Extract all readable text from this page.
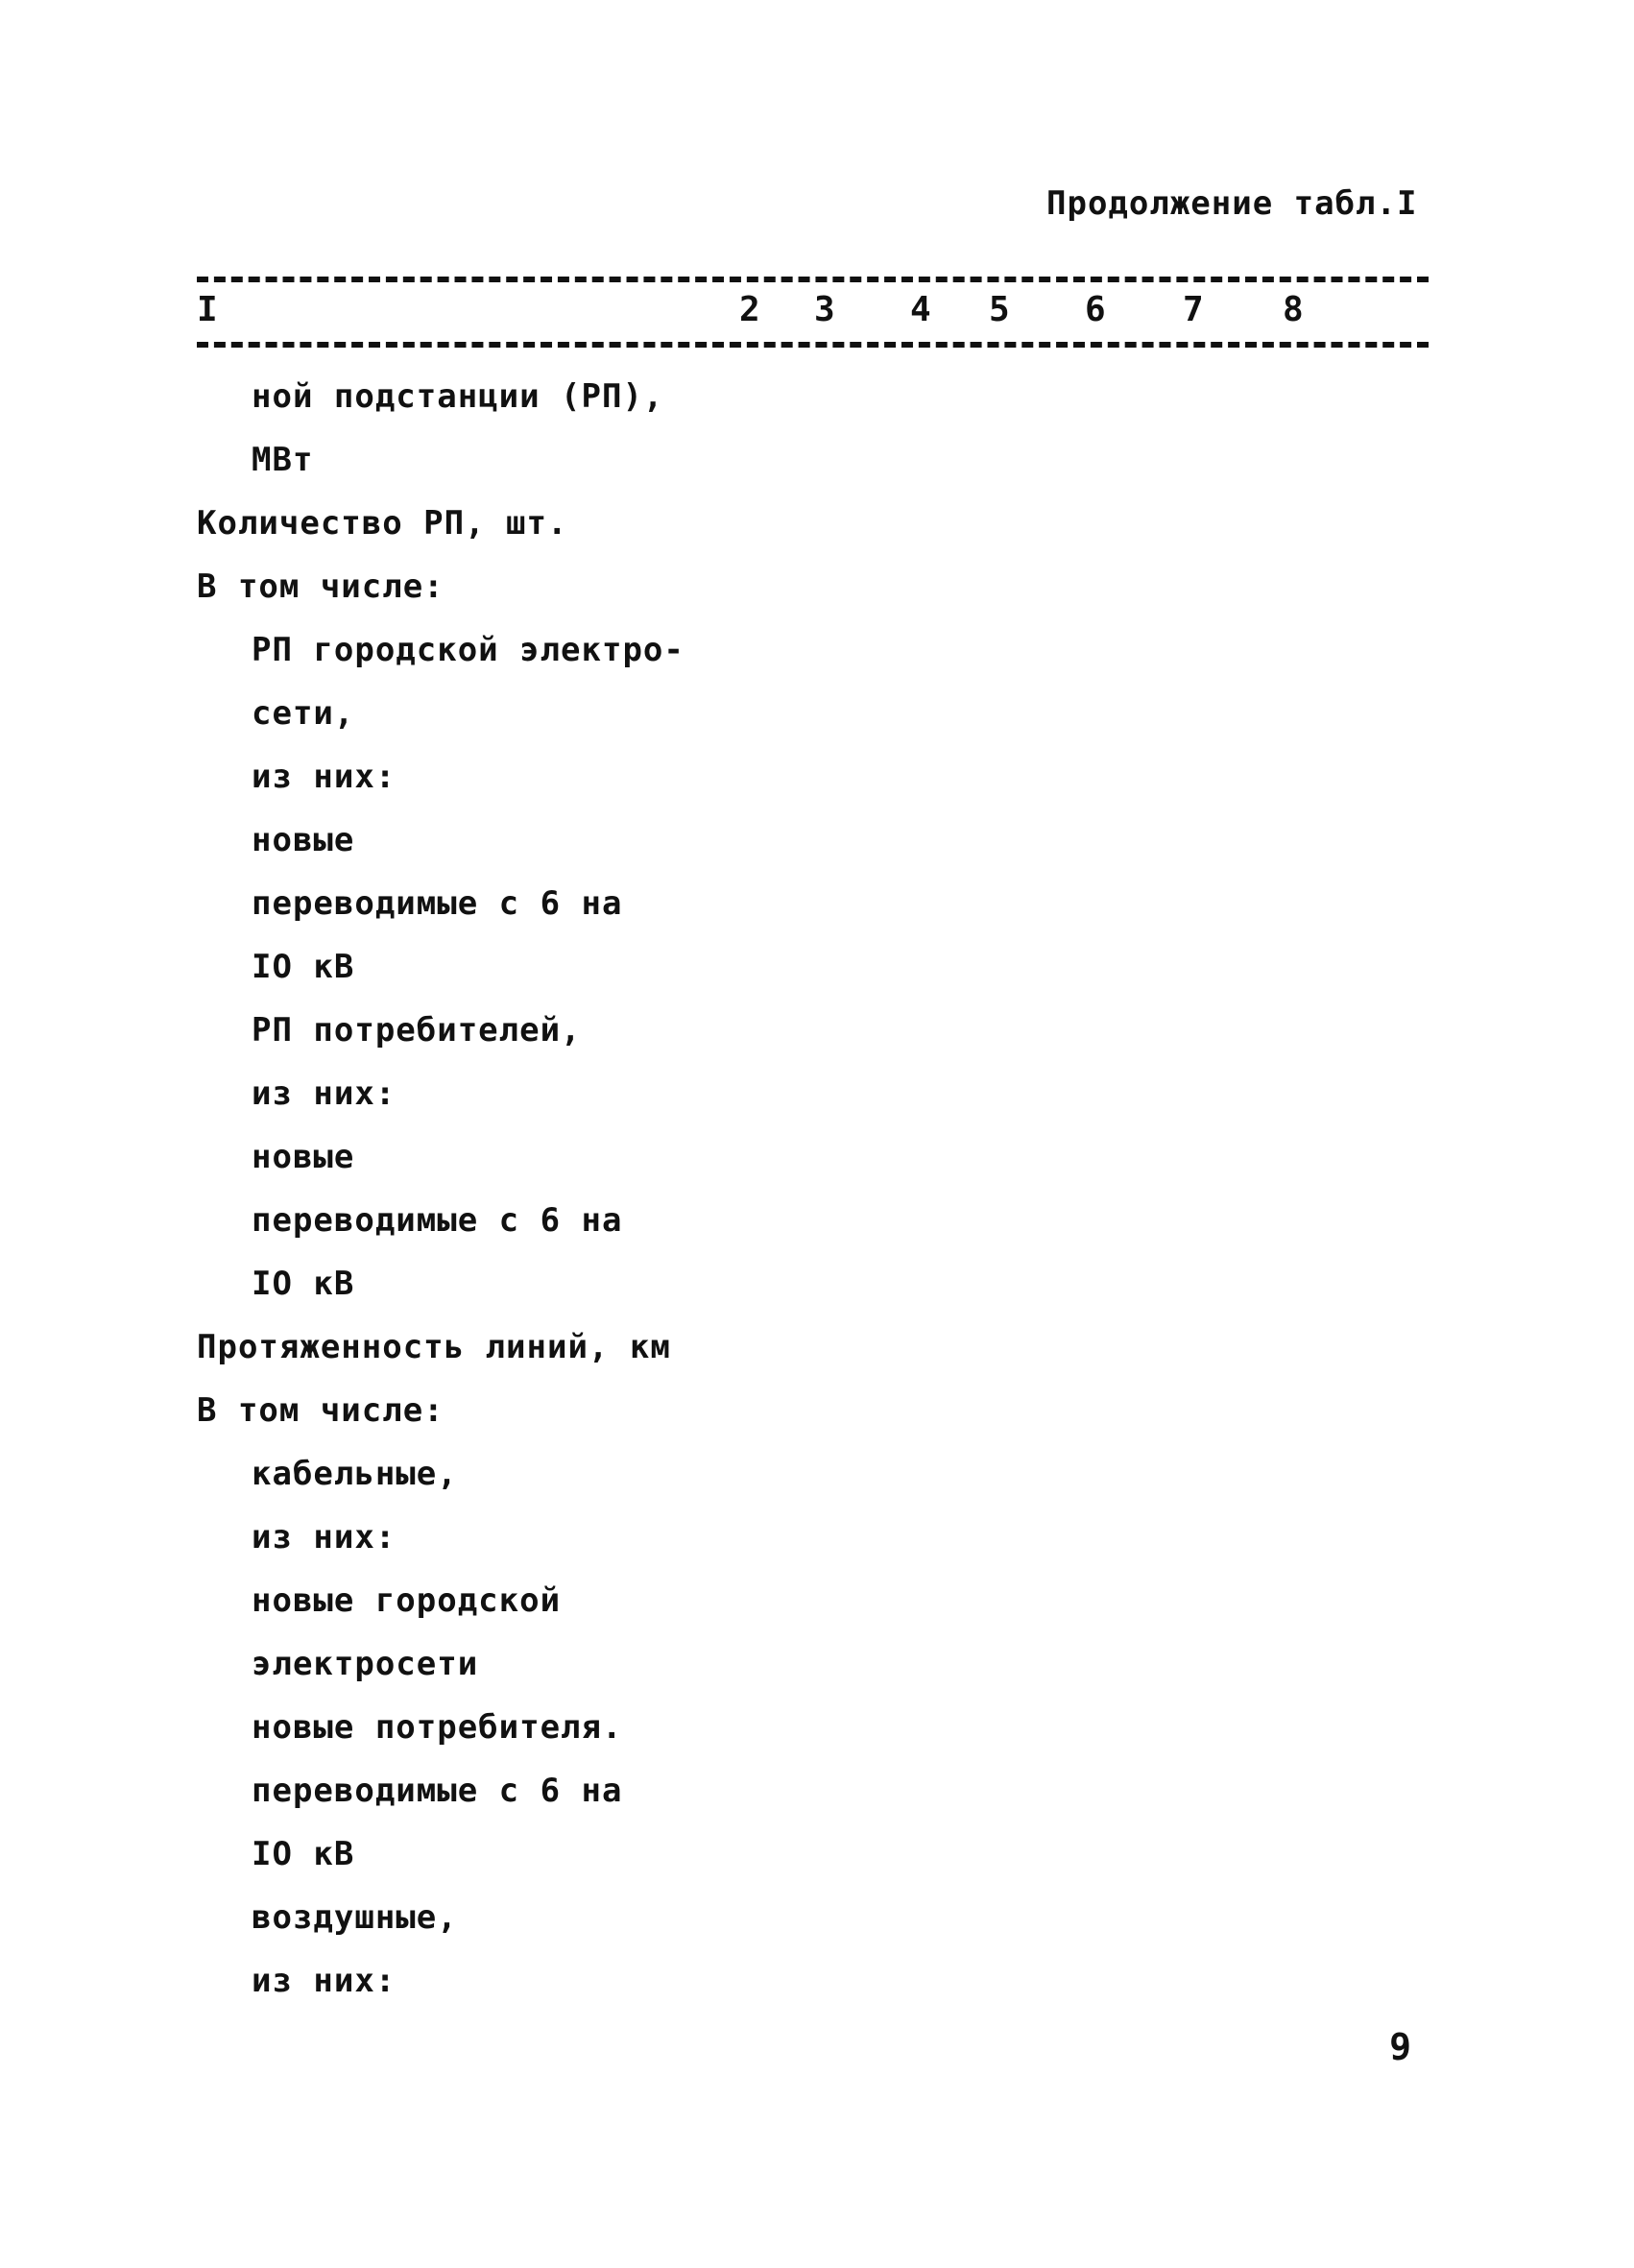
Продолжение табл.I
I	2 3 4 5 6 7 8
ной подстанции (РП),
МВт
Количество РП, шт.
В том числе:
РП городской электро-
сети,
из них:
новые
переводимые с 6 на
IO кВ
РП потребителей,
из них:
новые
переводимые с 6 на
IO кВ
Протяженность линий, км
В том числе:
кабельные,
из них:
новые городской
электросети
новые потребителя.
переводимые с 6 на
IO кВ
воздушные,
из них:
9
